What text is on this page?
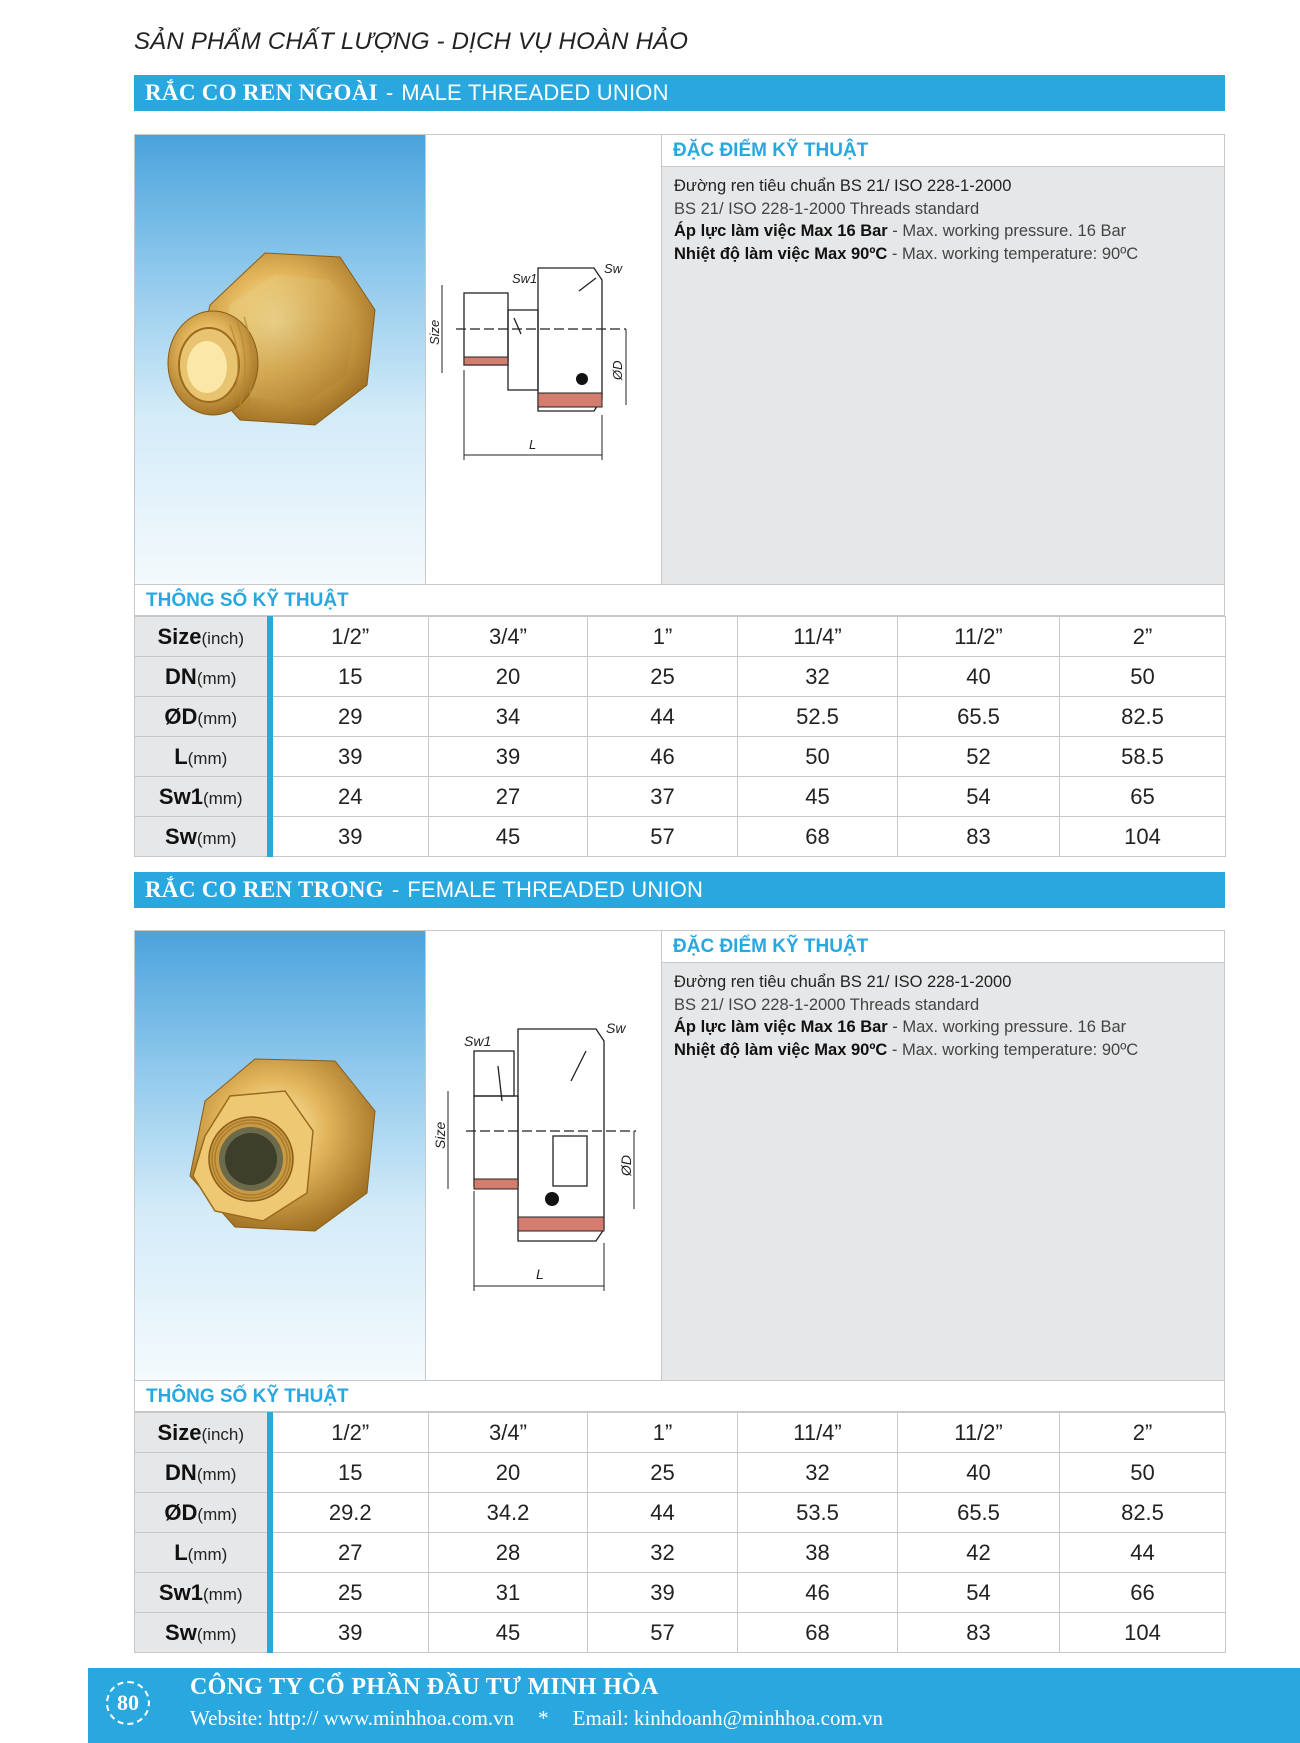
SẢN PHẨM CHẤT LƯỢNG - DỊCH VỤ HOÀN HẢO
RẮC CO REN NGOÀI - MALE THREADED UNION
Sw1
Sw
Size
ØD
L
ĐẶC ĐIỂM KỸ THUẬT
Đường ren tiêu chuẩn BS 21/ ISO 228-1-2000
BS 21/ ISO 228-1-2000 Threads standard
Áp lực làm việc Max 16 Bar - Max. working pressure. 16 Bar
Nhiệt độ làm việc Max 90ºC - Max. working temperature: 90ºC
THÔNG SỐ KỸ THUẬT
Size(inch)	1/2”	3/4”	1”	11/4”	11/2”	2”
DN(mm)	15	20	25	32	40	50
ØD(mm)	29	34	44	52.5	65.5	82.5
L(mm)	39	39	46	50	52	58.5
Sw1(mm)	24	27	37	45	54	65
Sw(mm)	39	45	57	68	83	104
RẮC CO REN TRONG - FEMALE THREADED UNION
Sw1
Sw
Size
ØD
L
ĐẶC ĐIỂM KỸ THUẬT
Đường ren tiêu chuẩn BS 21/ ISO 228-1-2000
BS 21/ ISO 228-1-2000 Threads standard
Áp lực làm việc Max 16 Bar - Max. working pressure. 16 Bar
Nhiệt độ làm việc Max 90ºC - Max. working temperature: 90ºC
THÔNG SỐ KỸ THUẬT
Size(inch)	1/2”	3/4”	1”	11/4”	11/2”	2”
DN(mm)	15	20	25	32	40	50
ØD(mm)	29.2	34.2	44	53.5	65.5	82.5
L(mm)	27	28	32	38	42	44
Sw1(mm)	25	31	39	46	54	66
Sw(mm)	39	45	57	68	83	104
80
CÔNG TY CỔ PHẦN ĐẦU TƯ MINH HÒA
Website: http:// www.minhhoa.com.vn * Email: kinhdoanh@minhhoa.com.vn
